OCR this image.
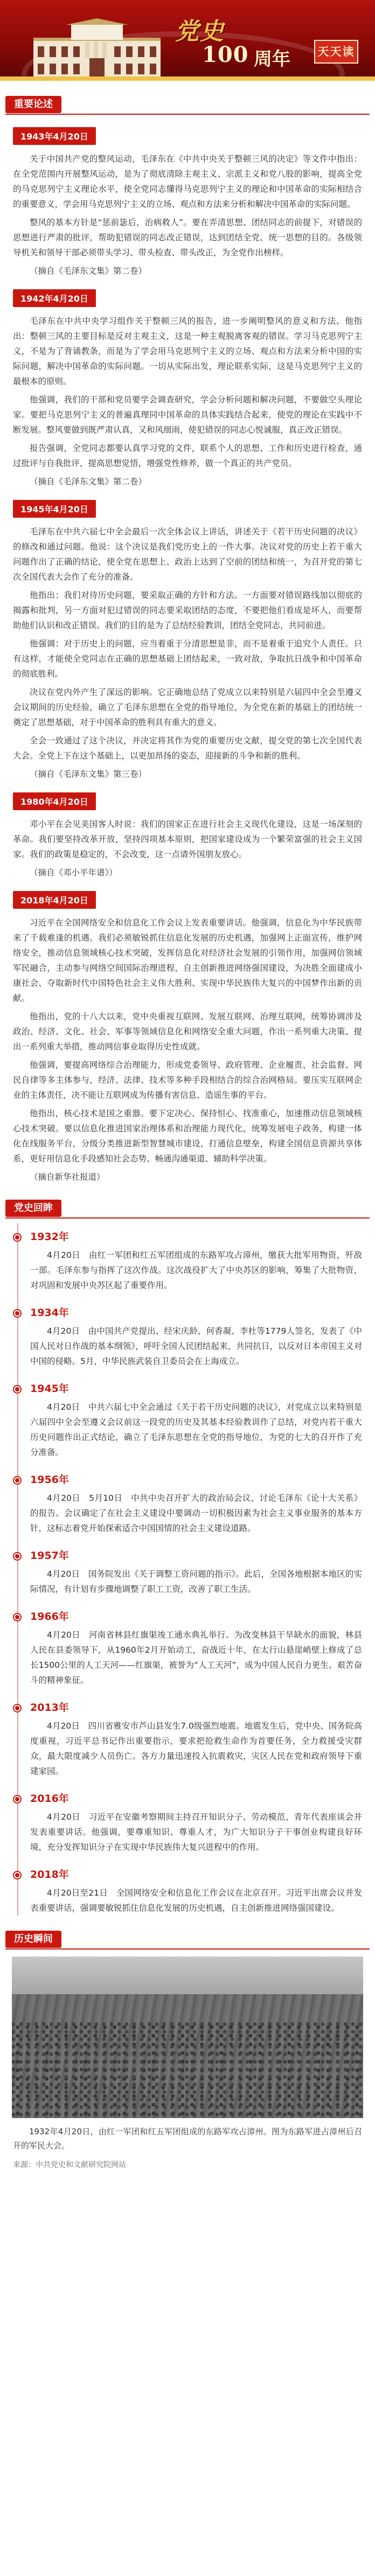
党史
100 周年	天天读
重要论述
1943年4月20日

关于中国共产党的整风运动，毛泽东在《中共中央关于整顿三风的决定》等文件中指出：在全党范围内开展整风运动，是为了彻底清除主观主义、宗派主义和党八股的影响，提高全党的马克思列宁主义理论水平，使全党同志懂得马克思列宁主义的理论和中国革命的实际相结合的重要意义，学会用马克思列宁主义的立场、观点和方法来分析和解决中国革命的实际问题。

整风的基本方针是“惩前毖后，治病救人”。要在弄清思想、团结同志的前提下，对错误的思想进行严肃的批评，帮助犯错误的同志改正错误，达到团结全党、统一思想的目的。各级领导机关和领导干部必须带头学习、带头检查、带头改正，为全党作出榜样。

（摘自《毛泽东文集》第二卷）

1942年4月20日

毛泽东在中共中央学习组作关于整顿三风的报告，进一步阐明整风的意义和方法。他指出：整顿三风的主要目标是反对主观主义，这是一种主观脱离客观的错误。学习马克思列宁主义，不是为了背诵教条，而是为了学会用马克思列宁主义的立场、观点和方法来分析中国的实际问题，解决中国革命的实际问题。一切从实际出发，理论联系实际，这是马克思列宁主义的最根本的原则。

他强调，我们的干部和党员要学会调查研究，学会分析问题和解决问题，不要做空头理论家。要把马克思列宁主义的普遍真理同中国革命的具体实践结合起来，使党的理论在实践中不断发展。整风要做到既严肃认真，又和风细雨，使犯错误的同志心悦诚服，真正改正错误。

报告强调，全党同志都要认真学习党的文件，联系个人的思想、工作和历史进行检查，通过批评与自我批评，提高思想觉悟，增强党性修养，做一个真正的共产党员。

（摘自《毛泽东文集》第二卷）

1945年4月20日

毛泽东在中共六届七中全会最后一次全体会议上讲话，讲述关于《若干历史问题的决议》的修改和通过问题。他说：这个决议是我们党历史上的一件大事。决议对党的历史上若干重大问题作出了正确的结论，使全党在思想上、政治上达到了空前的团结和统一，为召开党的第七次全国代表大会作了充分的准备。

他指出：我们对待历史问题，要采取正确的方针和方法。一方面要对错误路线加以彻底的揭露和批判，另一方面对犯过错误的同志要采取团结的态度，不要把他们看成是坏人，而要帮助他们认识和改正错误。我们的目的是为了总结经验教训，团结全党同志，共同前进。

他强调：对于历史上的问题，应当着重于分清思想是非，而不是着重于追究个人责任。只有这样，才能使全党同志在正确的思想基础上团结起来，一致对敌，争取抗日战争和中国革命的彻底胜利。

决议在党内外产生了深远的影响。它正确地总结了党成立以来特别是六届四中全会至遵义会议期间的历史经验，确立了毛泽东思想在全党的指导地位，为全党在新的基础上的团结统一奠定了思想基础，对于中国革命的胜利具有重大的意义。

全会一致通过了这个决议，并决定将其作为党的重要历史文献，提交党的第七次全国代表大会。全党上下在这个基础上，以更加昂扬的姿态，迎接新的斗争和新的胜利。

（摘自《毛泽东文集》第三卷）

1980年4月20日

邓小平在会见美国客人时说：我们的国家正在进行社会主义现代化建设，这是一场深刻的革命。我们要坚持改革开放，坚持四项基本原则，把国家建设成为一个繁荣富强的社会主义国家。我们的政策是稳定的，不会改变，这一点请外国朋友放心。

（摘自《邓小平年谱》）

2018年4月20日

习近平在全国网络安全和信息化工作会议上发表重要讲话。他强调，信息化为中华民族带来了千载难逢的机遇。我们必须敏锐抓住信息化发展的历史机遇，加强网上正面宣传，维护网络安全，推动信息领域核心技术突破，发挥信息化对经济社会发展的引领作用，加强网信领域军民融合，主动参与网络空间国际治理进程，自主创新推进网络强国建设，为决胜全面建成小康社会、夺取新时代中国特色社会主义伟大胜利、实现中华民族伟大复兴的中国梦作出新的贡献。

他指出，党的十八大以来，党中央重视互联网、发展互联网、治理互联网，统筹协调涉及政治、经济、文化、社会、军事等领域信息化和网络安全重大问题，作出一系列重大决策、提出一系列重大举措，推动网信事业取得历史性成就。

他强调，要提高网络综合治理能力，形成党委领导、政府管理、企业履责、社会监督、网民自律等多主体参与，经济、法律、技术等多种手段相结合的综合治网格局。要压实互联网企业的主体责任，决不能让互联网成为传播有害信息、造谣生事的平台。

他指出，核心技术是国之重器。要下定决心、保持恒心、找准重心，加速推动信息领域核心技术突破。要以信息化推进国家治理体系和治理能力现代化，统筹发展电子政务，构建一体化在线服务平台，分级分类推进新型智慧城市建设，打通信息壁垒，构建全国信息资源共享体系，更好用信息化手段感知社会态势、畅通沟通渠道、辅助科学决策。

（摘自新华社报道）

党史回眸
1932年

4月20日　由红一军团和红五军团组成的东路军攻占漳州，缴获大批军用物资，歼敌一部。毛泽东参与指挥了这次作战。这次战役扩大了中央苏区的影响，筹集了大批物资，对巩固和发展中央苏区起了重要作用。

1934年

4月20日　由中国共产党提出、经宋庆龄、何香凝、李杜等1779人签名，发表了《中国人民对日作战的基本纲领》，呼吁全国人民团结起来，共同抗日，以反对日本帝国主义对中国的侵略。5月，中华民族武装自卫委员会在上海成立。

1945年

4月20日　中共六届七中全会通过《关于若干历史问题的决议》，对党成立以来特别是六届四中全会至遵义会议前这一段党的历史及其基本经验教训作了总结，对党内若干重大历史问题作出正式结论，确立了毛泽东思想在全党的指导地位，为党的七大的召开作了充分准备。

1956年

4月20日　5月10日　中共中央召开扩大的政治局会议，讨论毛泽东《论十大关系》的报告。会议确定了在社会主义建设中要调动一切积极因素为社会主义事业服务的基本方针，这标志着党开始探索适合中国国情的社会主义建设道路。

1957年

4月20日　国务院发出《关于调整工资问题的指示》。此后，全国各地根据本地区的实际情况，有计划有步骤地调整了职工工资，改善了职工生活。

1966年

4月20日　河南省林县红旗渠竣工通水典礼举行。为改变林县干旱缺水的面貌，林县人民在县委领导下，从1960年2月开始动工，奋战近十年，在太行山悬崖峭壁上修成了总长1500公里的人工天河——红旗渠，被誉为“人工天河”，成为中国人民自力更生、艰苦奋斗的精神象征。

2013年

4月20日　四川省雅安市芦山县发生7.0级强烈地震。地震发生后，党中央、国务院高度重视，习近平总书记作出重要指示，要求把抢救生命作为首要任务，全力救援受灾群众，最大限度减少人员伤亡。各方力量迅速投入抗震救灾，灾区人民在党和政府领导下重建家园。

2016年

4月20日　习近平在安徽考察期间主持召开知识分子、劳动模范、青年代表座谈会并发表重要讲话。他强调，要尊重知识、尊重人才，为广大知识分子干事创业构建良好环境，充分发挥知识分子在实现中华民族伟大复兴进程中的作用。

2018年

4月20日至21日　全国网络安全和信息化工作会议在北京召开。习近平出席会议并发表重要讲话，强调要敏锐抓住信息化发展的历史机遇，自主创新推进网络强国建设。

历史瞬间

1932年4月20日，由红一军团和红五军团组成的东路军攻占漳州。图为东路军进占漳州后召开的军民大会。

来源：中共党史和文献研究院网站
